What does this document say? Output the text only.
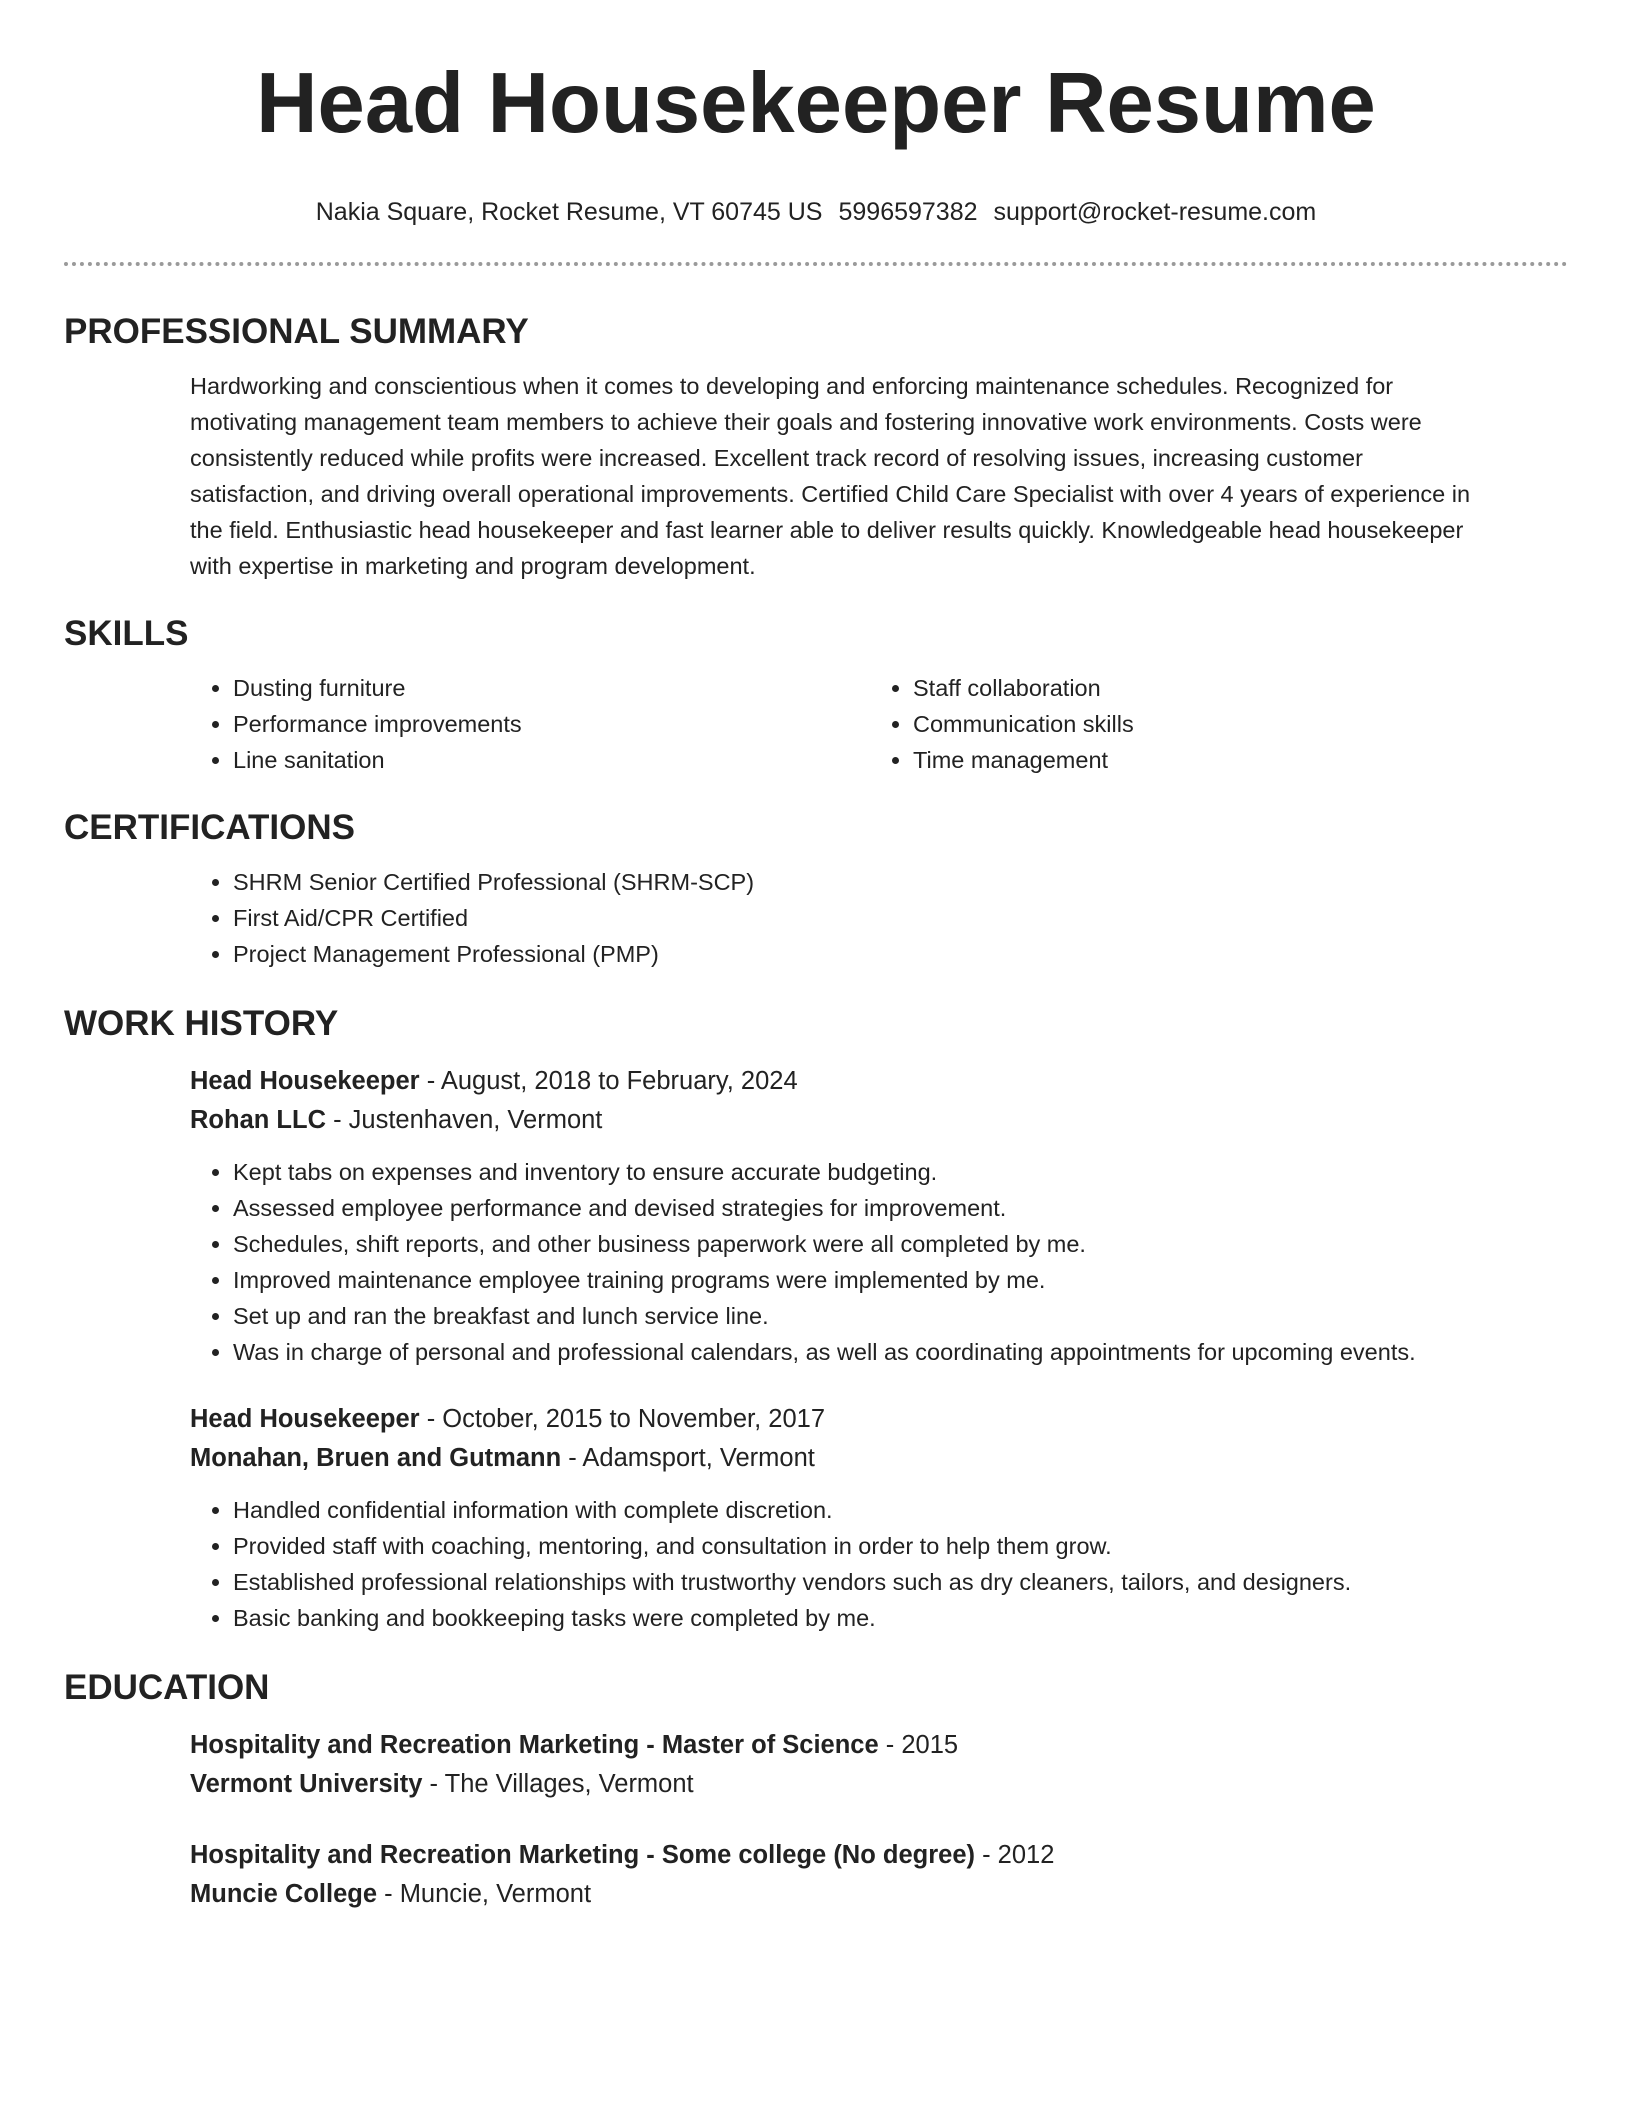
Head Housekeeper Resume
Nakia Square, Rocket Resume, VT 60745 US 5996597382 support@rocket-resume.com
PROFESSIONAL SUMMARY
Hardworking and conscientious when it comes to developing and enforcing maintenance schedules. Recognized for
motivating management team members to achieve their goals and fostering innovative work environments. Costs were
consistently reduced while profits were increased. Excellent track record of resolving issues, increasing customer
satisfaction, and driving overall operational improvements. Certified Child Care Specialist with over 4 years of experience in
the field. Enthusiastic head housekeeper and fast learner able to deliver results quickly. Knowledgeable head housekeeper
with expertise in marketing and program development.
SKILLS
• Dusting furniture
• Performance improvements
• Line sanitation
• Staff collaboration
• Communication skills
• Time management
CERTIFICATIONS
• SHRM Senior Certified Professional (SHRM-SCP)
• First Aid/CPR Certified
• Project Management Professional (PMP)
WORK HISTORY
Head Housekeeper - August, 2018 to February, 2024
Rohan LLC - Justenhaven, Vermont
• Kept tabs on expenses and inventory to ensure accurate budgeting.
• Assessed employee performance and devised strategies for improvement.
• Schedules, shift reports, and other business paperwork were all completed by me.
• Improved maintenance employee training programs were implemented by me.
• Set up and ran the breakfast and lunch service line.
• Was in charge of personal and professional calendars, as well as coordinating appointments for upcoming events.
Head Housekeeper - October, 2015 to November, 2017
Monahan, Bruen and Gutmann - Adamsport, Vermont
• Handled confidential information with complete discretion.
• Provided staff with coaching, mentoring, and consultation in order to help them grow.
• Established professional relationships with trustworthy vendors such as dry cleaners, tailors, and designers.
• Basic banking and bookkeeping tasks were completed by me.
EDUCATION
Hospitality and Recreation Marketing - Master of Science - 2015
Vermont University - The Villages, Vermont
Hospitality and Recreation Marketing - Some college (No degree) - 2012
Muncie College - Muncie, Vermont
